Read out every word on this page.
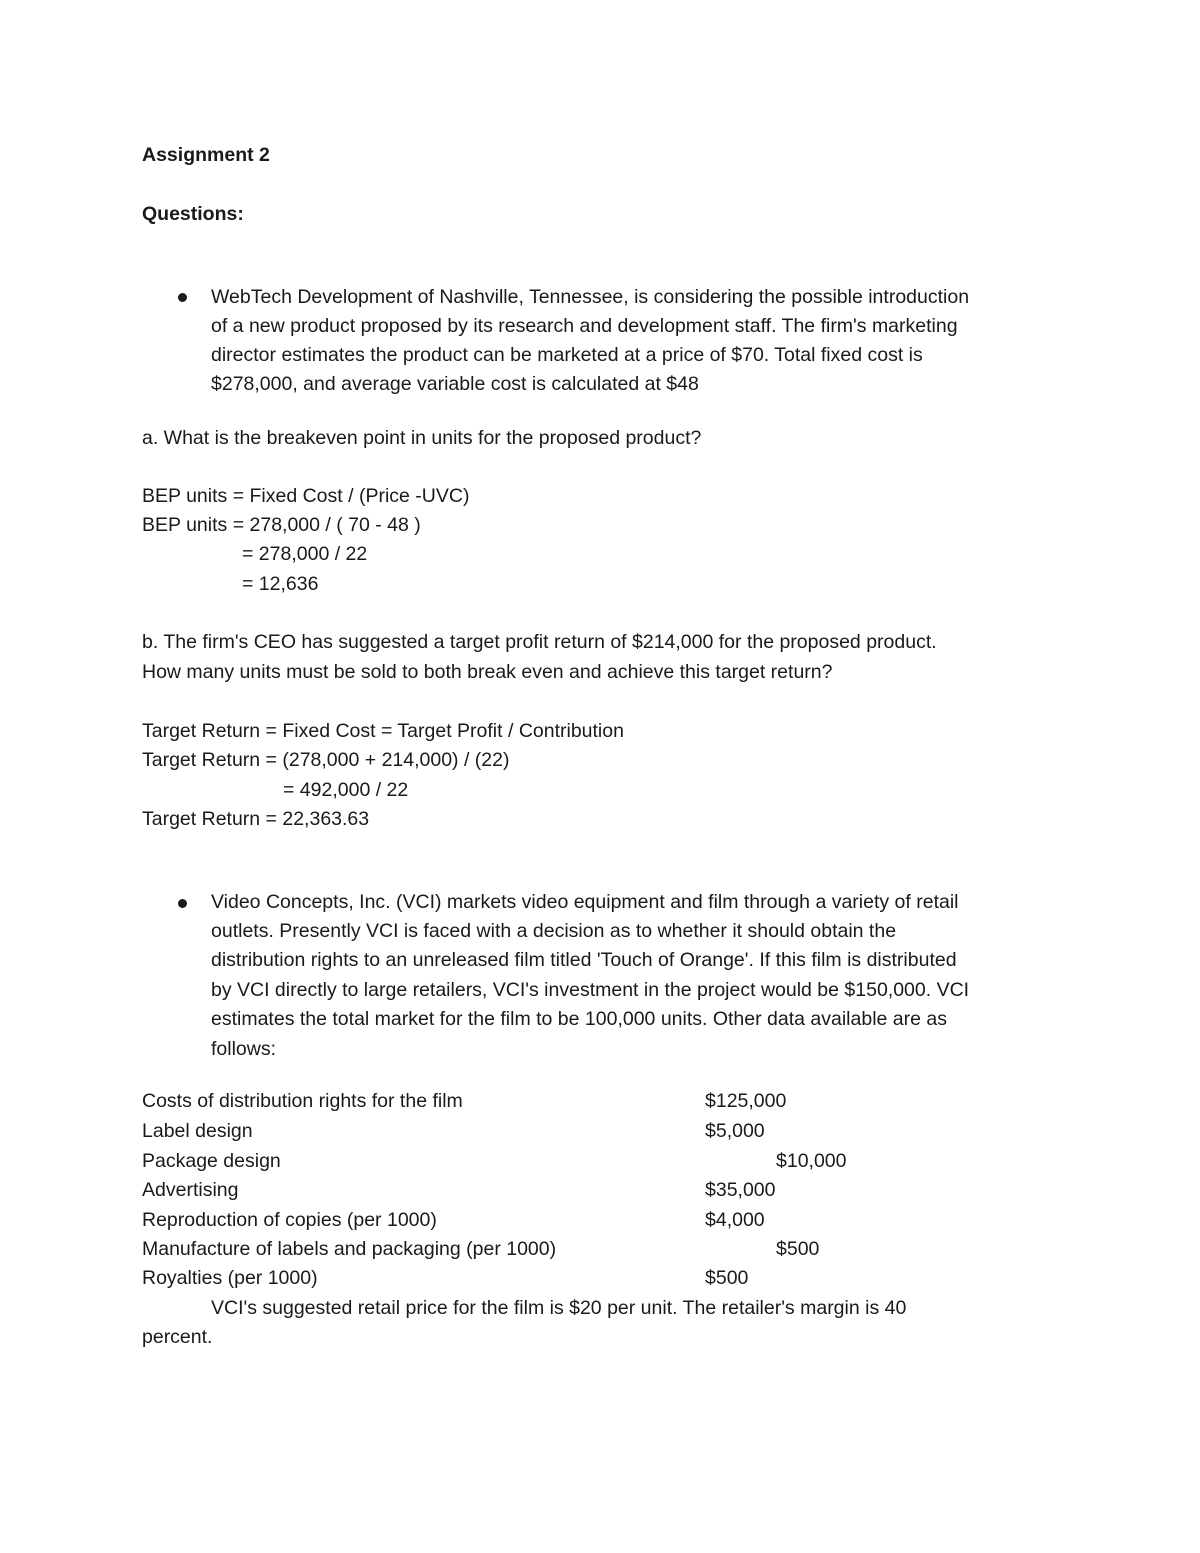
Assignment 2
Questions:
WebTech Development of Nashville, Tennessee, is considering the possible introduction
of a new product proposed by its research and development staff. The firm's marketing
director estimates the product can be marketed at a price of $70. Total fixed cost is
$278,000, and average variable cost is calculated at $48
a. What is the breakeven point in units for the proposed product?
BEP units = Fixed Cost / (Price -UVC)
BEP units = 278,000 / ( 70 - 48 )
= 278,000 / 22
= 12,636
b. The firm's CEO has suggested a target profit return of $214,000 for the proposed product.
How many units must be sold to both break even and achieve this target return?
Target Return = Fixed Cost = Target Profit / Contribution
Target Return = (278,000 + 214,000) / (22)
= 492,000 / 22
Target Return = 22,363.63
Video Concepts, Inc. (VCI) markets video equipment and film through a variety of retail
outlets. Presently VCI is faced with a decision as to whether it should obtain the
distribution rights to an unreleased film titled 'Touch of Orange'. If this film is distributed
by VCI directly to large retailers, VCI's investment in the project would be $150,000. VCI
estimates the total market for the film to be 100,000 units. Other data available are as
follows:
Costs of distribution rights for the film	$125,000
Label design	$5,000
Package design	$10,000
Advertising	$35,000
Reproduction of copies (per 1000)	$4,000
Manufacture of labels and packaging (per 1000)	$500
Royalties (per 1000)	$500
VCI's suggested retail price for the film is $20 per unit. The retailer's margin is 40
percent.
